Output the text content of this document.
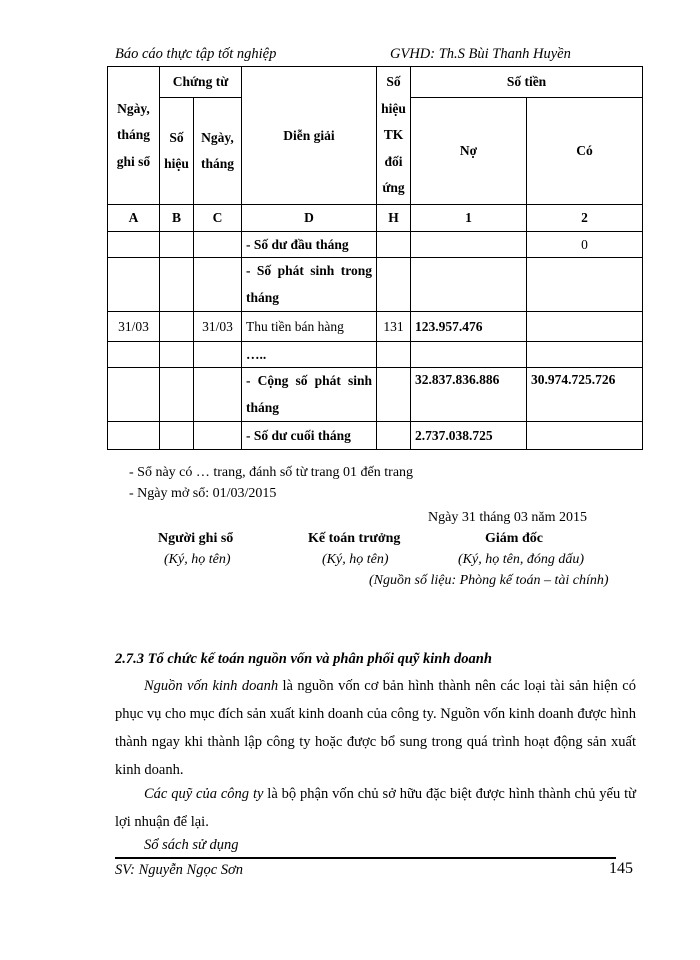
Báo cáo thực tập tốt nghiệp	GVHD: Th.S Bùi Thanh Huyền
Ngày, tháng ghi sổ	Chứng từ		Diễn giải	Số hiệu TK đối ứng	Số tiền	
	Số hiệu	Ngày, tháng			Nợ	Có
A	B	C	D	H	1	2
			- Số dư đầu tháng			0
			- Số phát sinh trong tháng			
31/03		31/03	Thu tiền bán hàng	131	123.957.476	
			…..			
			- Cộng số phát sinh tháng		32.837.836.886	30.974.725.726
			- Số dư cuối tháng		2.737.038.725	
- Sổ này có … trang, đánh số từ trang 01 đến trang
- Ngày mở sổ: 01/03/2015
Ngày 31 tháng 03 năm 2015
Người ghi sổ	Kế toán trưởng	Giám đốc
(Ký, họ tên)	(Ký, họ tên)	(Ký, họ tên, đóng dấu)
(Nguồn số liệu: Phòng kế toán – tài chính)
2.7.3 Tổ chức kế toán nguồn vốn và phân phối quỹ kinh doanh
Nguồn vốn kinh doanh là nguồn vốn cơ bản hình thành nên các loại tài sản hiện có phục vụ cho mục đích sản xuất kinh doanh của công ty. Nguồn vốn kinh doanh được hình thành ngay khi thành lập công ty hoặc được bổ sung trong quá trình hoạt động sản xuất kinh doanh.
Các quỹ của công ty là bộ phận vốn chủ sở hữu đặc biệt được hình thành chủ yếu từ lợi nhuận để lại.
Sổ sách sử dụng
SV: Nguyễn Ngọc Sơn	145
